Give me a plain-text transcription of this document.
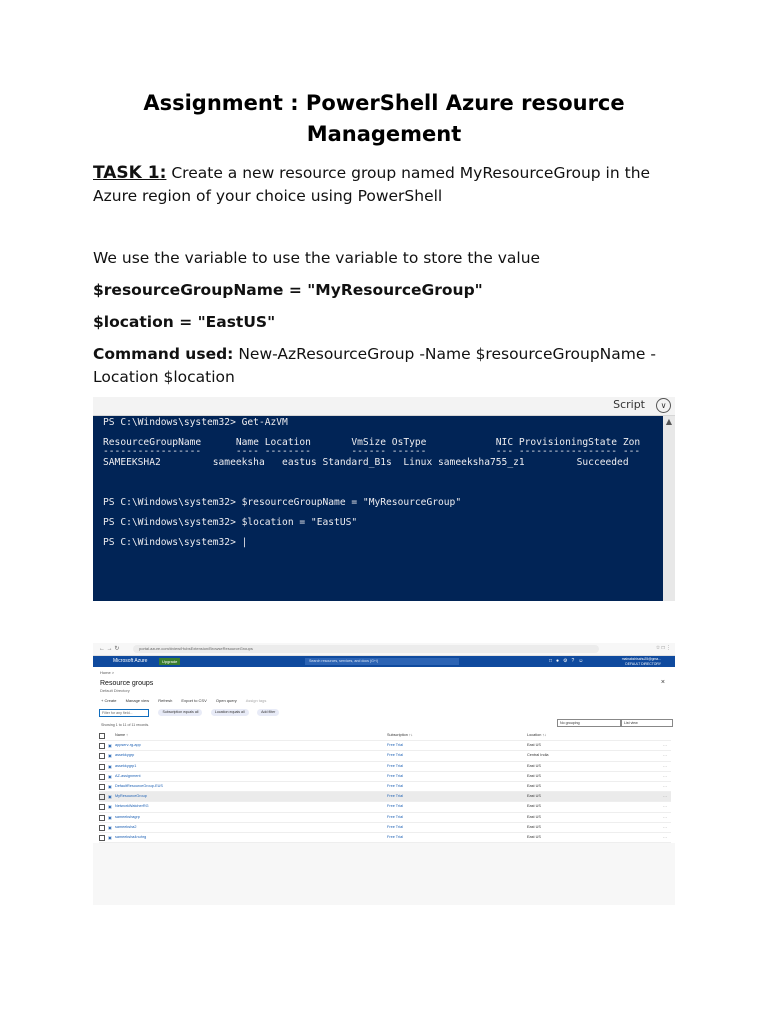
Assignment : PowerShell Azure resource Management
TASK 1: Create a new resource group named MyResourceGroup in the Azure region of your choice using PowerShell
We use the variable to use the variable to store the value
$resourceGroupName = "MyResourceGroup"
$location = "EastUS"
Command used: New-AzResourceGroup -Name $resourceGroupName -Location $location
Script	∨
PS C:\Windows\system32> Get-AzVM
ResourceGroupName      Name Location       VmSize OsType            NIC ProvisioningState Zon
-----------------      ---- --------       ------ ------            --- ----------------- ---
SAMEEKSHA2         sameeksha   eastus Standard_B1s  Linux sameeksha755_z1         Succeeded
PS C:\Windows\system32> $resourceGroupName = "MyResourceGroup"
PS C:\Windows\system32> $location = "EastUS"
PS C:\Windows\system32> |
▲
← → ↻	portal.azure.com/#view/HubsExtension/BrowseResourceGroups	☆ □ ⋮
Microsoft Azure	Upgrade	Search resources, services, and docs (G+/)	□●⚙?☺	mainakshisahu25@gma...
DEFAULT DIRECTORY
Home >
Resource groups	×
Default Directory
+ Create Manage view Refresh Export to CSV Open query Assign tags
Filter for any field...	Subscription equals all	Location equals all	Add filter
Showing 1 to 11 of 11 records.	No grouping	List view
Name ↑	Subscription ↑↓	Location ↑↓
▣ appserv-rg-app	Free Trial	East US	…
▣ assekkygrp	Free Trial	Central India	…
▣ assekkygrp1	Free Trial	East US	…
▣ AZ-assignment	Free Trial	East US	…
▣ DefaultResourceGroup-EUS	Free Trial	East US	…
▣ MyResourceGroup	Free Trial	East US	…
▣ NetworkWatcherRG	Free Trial	East US	…
▣ sameekshagrp	Free Trial	East US	…
▣ sameeksha2	Free Trial	East US	…
▣ sameeksha4nuhrg	Free Trial	East US	…
